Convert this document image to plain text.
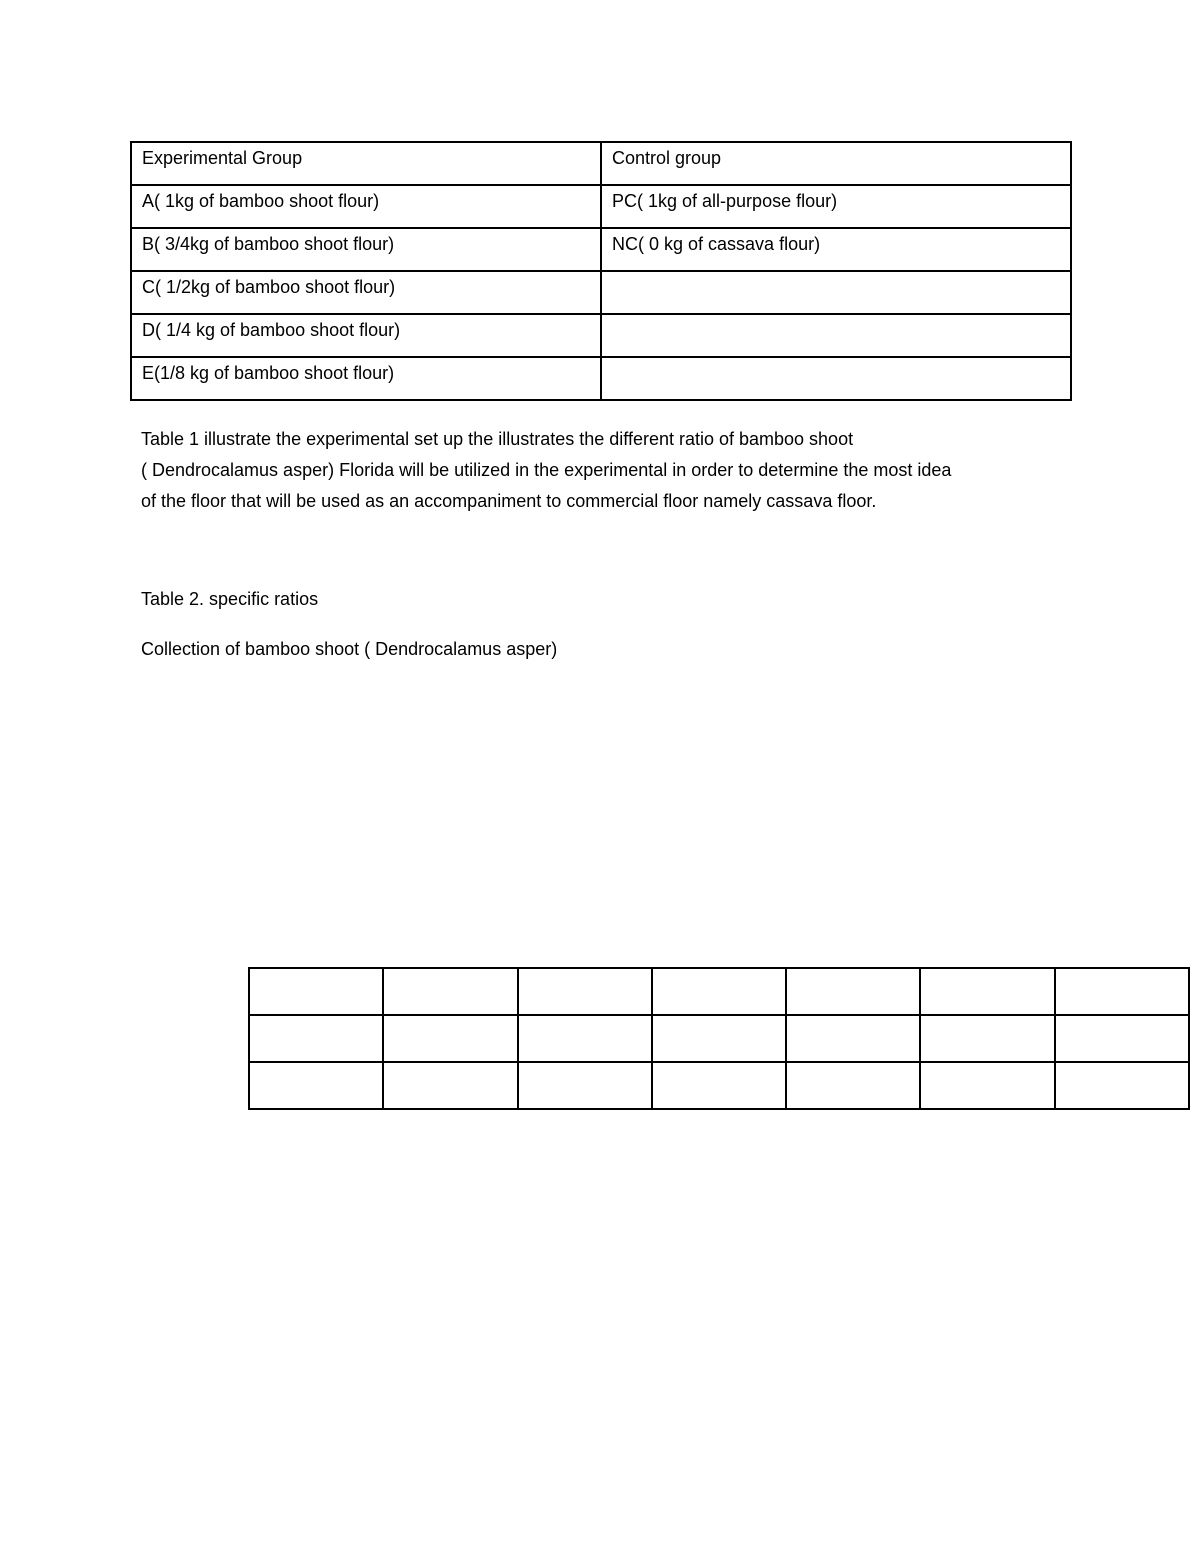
Experimental Group	Control group
A( 1kg of bamboo shoot flour)	PC( 1kg of all-purpose flour)
B( 3/4kg of bamboo shoot flour)	NC( 0 kg of cassava flour)
C( 1/2kg of bamboo shoot flour)	
D( 1/4 kg of bamboo shoot flour)	
E(1/8 kg of bamboo shoot flour)	

Table 1 illustrate the experimental set up the illustrates the different ratio of bamboo shoot

( Dendrocalamus asper) Florida will be utilized in the experimental in order to determine the most idea

of the floor that will be used as an accompaniment to commercial floor namely cassava floor.

Table 2. specific ratios
Collection of bamboo shoot ( Dendrocalamus asper)
